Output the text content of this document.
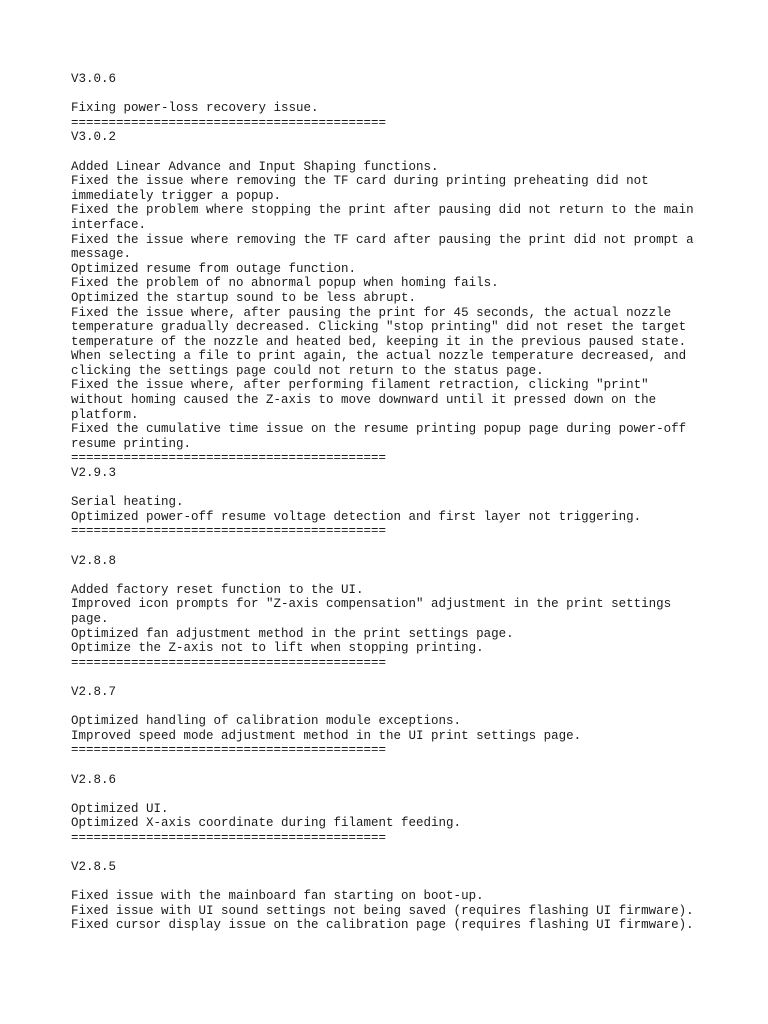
V3.0.6
Fixing power-loss recovery issue.
==========================================
V3.0.2
Added Linear Advance and Input Shaping functions.
Fixed the issue where removing the TF card during printing preheating did not
immediately trigger a popup.
Fixed the problem where stopping the print after pausing did not return to the main
interface.
Fixed the issue where removing the TF card after pausing the print did not prompt a
message.
Optimized resume from outage function.
Fixed the problem of no abnormal popup when homing fails.
Optimized the startup sound to be less abrupt.
Fixed the issue where, after pausing the print for 45 seconds, the actual nozzle
temperature gradually decreased. Clicking "stop printing" did not reset the target
temperature of the nozzle and heated bed, keeping it in the previous paused state.
When selecting a file to print again, the actual nozzle temperature decreased, and
clicking the settings page could not return to the status page.
Fixed the issue where, after performing filament retraction, clicking "print"
without homing caused the Z-axis to move downward until it pressed down on the
platform.
Fixed the cumulative time issue on the resume printing popup page during power-off
resume printing.
==========================================
V2.9.3
Serial heating.
Optimized power-off resume voltage detection and first layer not triggering.
==========================================
V2.8.8
Added factory reset function to the UI.
Improved icon prompts for "Z-axis compensation" adjustment in the print settings
page.
Optimized fan adjustment method in the print settings page.
Optimize the Z-axis not to lift when stopping printing.
==========================================
V2.8.7
Optimized handling of calibration module exceptions.
Improved speed mode adjustment method in the UI print settings page.
==========================================
V2.8.6
Optimized UI.
Optimized X-axis coordinate during filament feeding.
==========================================
V2.8.5
Fixed issue with the mainboard fan starting on boot-up.
Fixed issue with UI sound settings not being saved (requires flashing UI firmware).
Fixed cursor display issue on the calibration page (requires flashing UI firmware).
